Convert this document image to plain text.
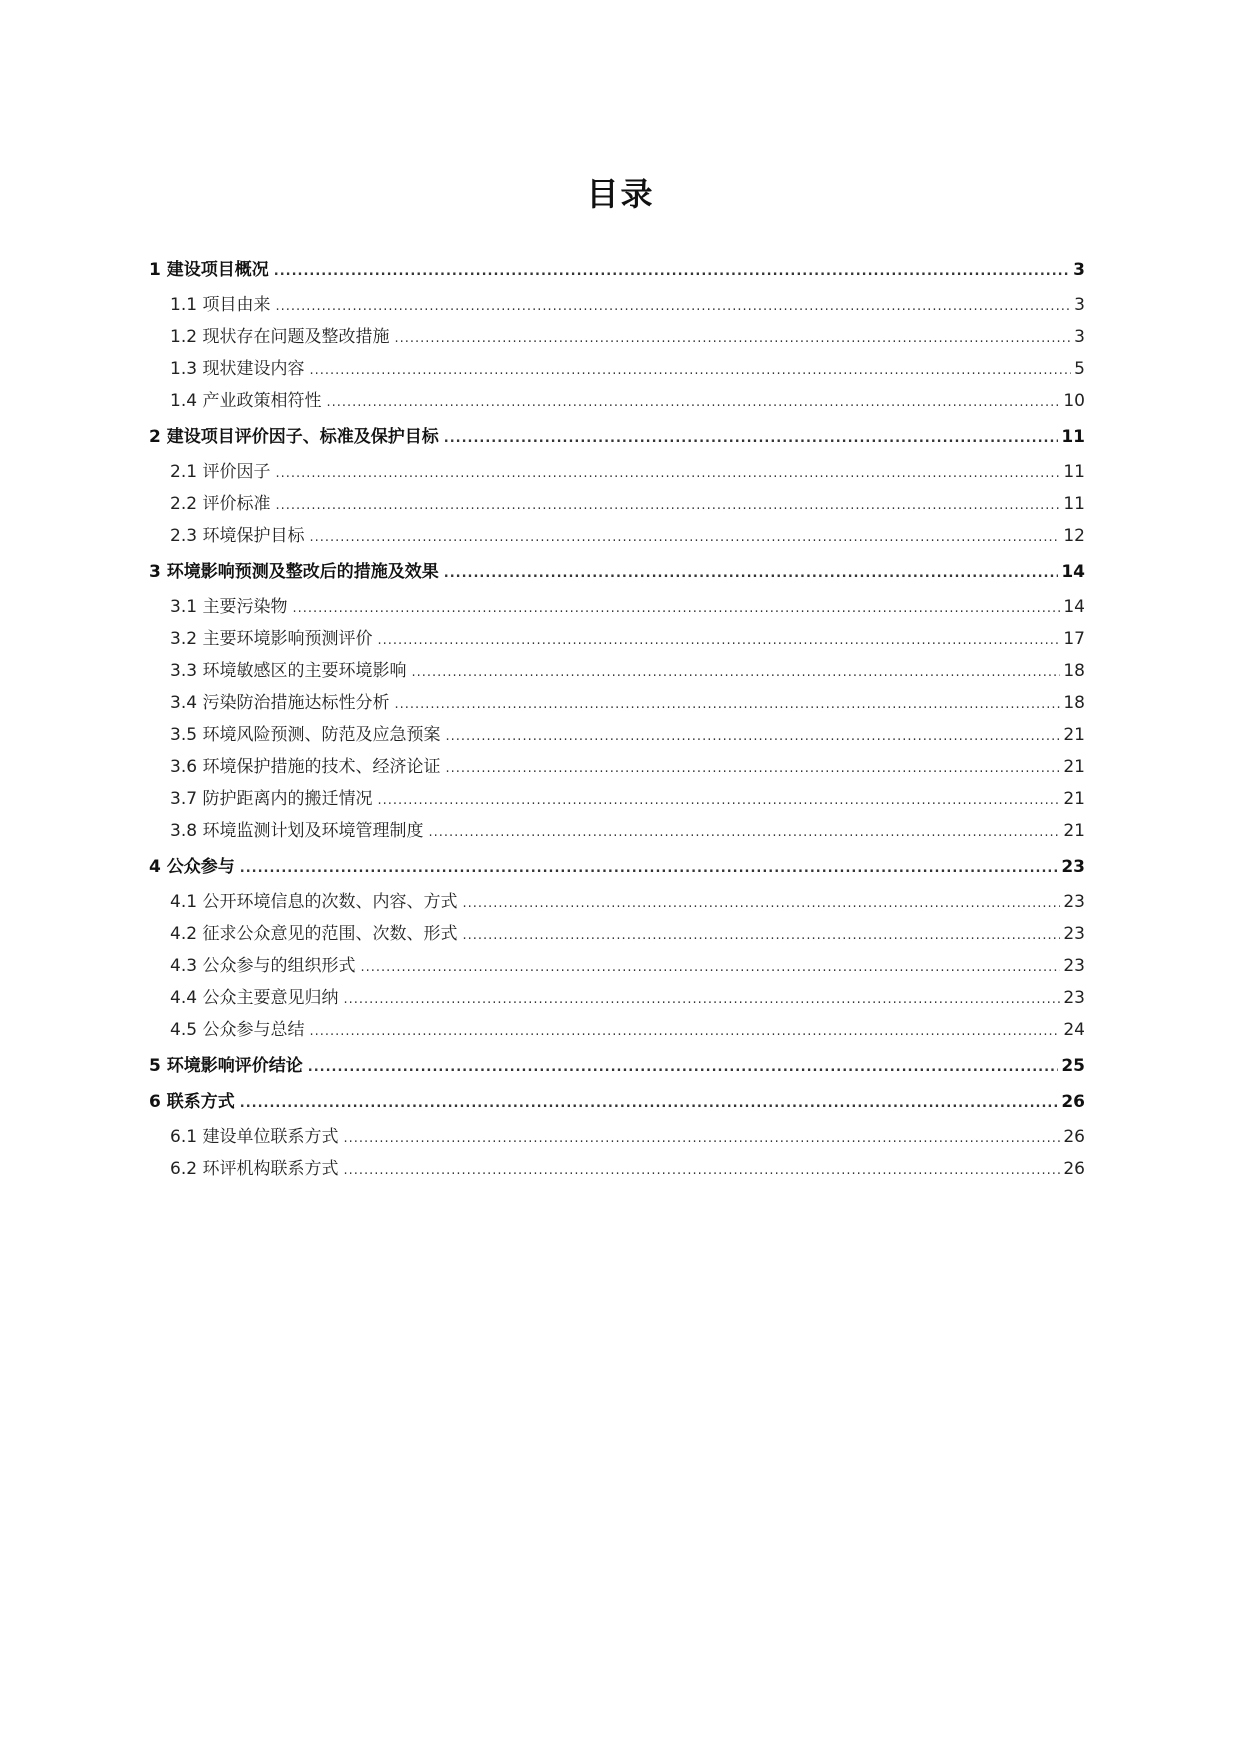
目录
1 建设项目概况 .....	3
1.1 项目由来 .....	3
1.2 现状存在问题及整改措施 .....	3
1.3 现状建设内容 .....	5
1.4 产业政策相符性 .....	10
2 建设项目评价因子、标准及保护目标 .....	11
2.1 评价因子 .....	11
2.2 评价标准 .....	11
2.3 环境保护目标 .....	12
3 环境影响预测及整改后的措施及效果 .....	14
3.1 主要污染物 .....	14
3.2 主要环境影响预测评价 .....	17
3.3 环境敏感区的主要环境影响 .....	18
3.4 污染防治措施达标性分析 .....	18
3.5 环境风险预测、防范及应急预案 .....	21
3.6 环境保护措施的技术、经济论证 .....	21
3.7 防护距离内的搬迁情况 .....	21
3.8 环境监测计划及环境管理制度 .....	21
4 公众参与 .....	23
4.1 公开环境信息的次数、内容、方式 .....	23
4.2 征求公众意见的范围、次数、形式 .....	23
4.3 公众参与的组织形式 .....	23
4.4 公众主要意见归纳 .....	23
4.5 公众参与总结 .....	24
5 环境影响评价结论 .....	25
6 联系方式 .....	26
6.1 建设单位联系方式 .....	26
6.2 环评机构联系方式 .....	26
